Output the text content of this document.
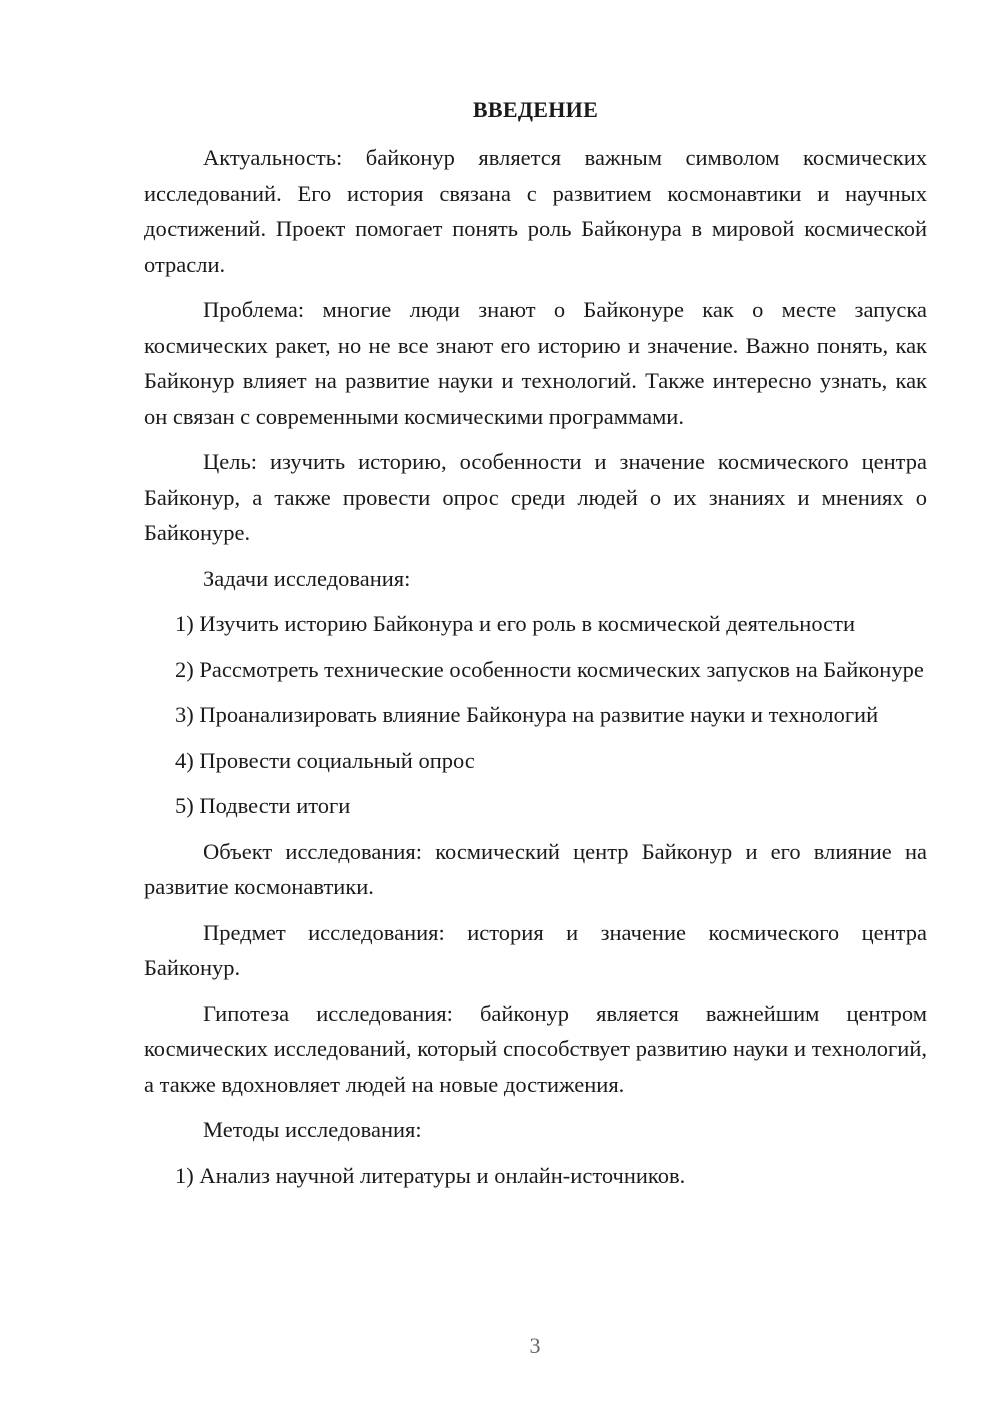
ВВЕДЕНИЕ

Актуальность: байконур является важным символом космических исследований. Его история связана с развитием космонавтики и научных достижений. Проект помогает понять роль Байконура в мировой космической отрасли.

Проблема: многие люди знают о Байконуре как о месте запуска космических ракет, но не все знают его историю и значение. Важно понять, как Байконур влияет на развитие науки и технологий. Также интересно узнать, как он связан с современными космическими программами.

Цель: изучить историю, особенности и значение космического центра Байконур, а также провести опрос среди людей о их знаниях и мнениях о Байконуре.

Задачи исследования:

1) Изучить историю Байконура и его роль в космической деятельности

2) Рассмотреть технические особенности космических запусков на Байконуре

3) Проанализировать влияние Байконура на развитие науки и технологий

4) Провести социальный опрос

5) Подвести итоги

Объект исследования: космический центр Байконур и его влияние на развитие космонавтики.

Предмет исследования: история и значение космического центра Байконур.

Гипотеза исследования: байконур является важнейшим центром космических исследований, который способствует развитию науки и технологий, а также вдохновляет людей на новые достижения.

Методы исследования:

1) Анализ научной литературы и онлайн-источников.

3
